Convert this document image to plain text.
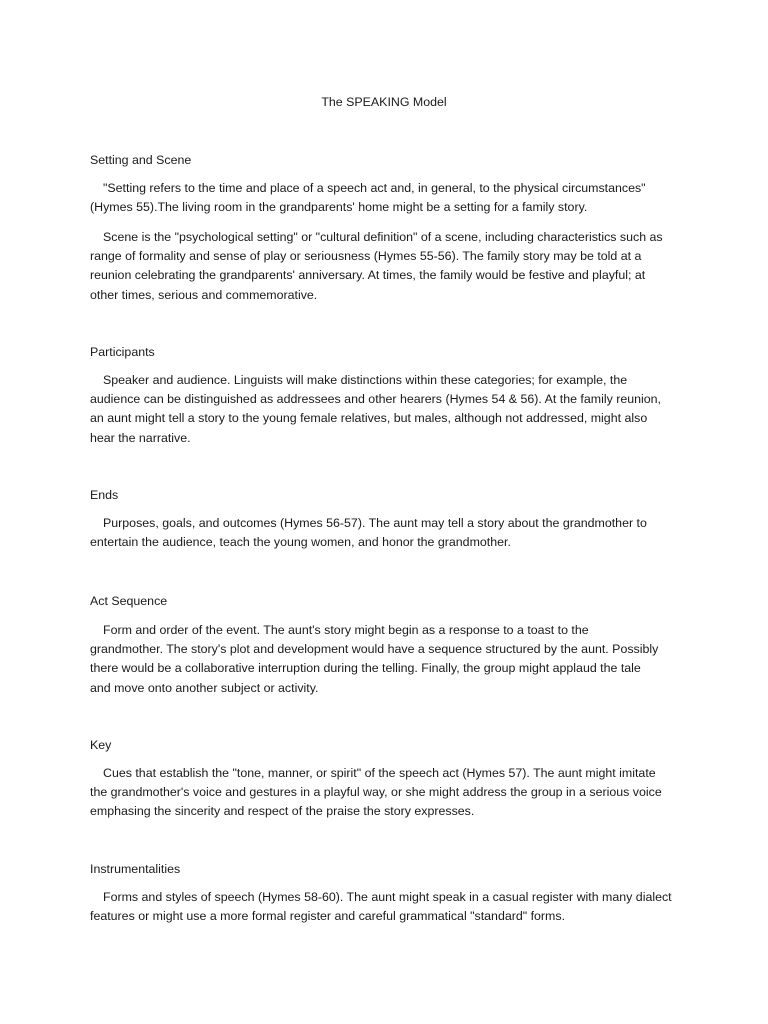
The SPEAKING Model
Setting and Scene
"Setting refers to the time and place of a speech act and, in general, to the physical circumstances"
(Hymes 55).The living room in the grandparents' home might be a setting for a family story.
Scene is the "psychological setting" or "cultural definition" of a scene, including characteristics such as
range of formality and sense of play or seriousness (Hymes 55-56). The family story may be told at a
reunion celebrating the grandparents' anniversary. At times, the family would be festive and playful; at
other times, serious and commemorative.
Participants
Speaker and audience. Linguists will make distinctions within these categories; for example, the
audience can be distinguished as addressees and other hearers (Hymes 54 & 56). At the family reunion,
an aunt might tell a story to the young female relatives, but males, although not addressed, might also
hear the narrative.
Ends
Purposes, goals, and outcomes (Hymes 56-57). The aunt may tell a story about the grandmother to
entertain the audience, teach the young women, and honor the grandmother.
Act Sequence
Form and order of the event. The aunt's story might begin as a response to a toast to the
grandmother. The story's plot and development would have a sequence structured by the aunt. Possibly
there would be a collaborative interruption during the telling. Finally, the group might applaud the tale
and move onto another subject or activity.
Key
Cues that establish the "tone, manner, or spirit" of the speech act (Hymes 57). The aunt might imitate
the grandmother's voice and gestures in a playful way, or she might address the group in a serious voice
emphasing the sincerity and respect of the praise the story expresses.
Instrumentalities
Forms and styles of speech (Hymes 58-60). The aunt might speak in a casual register with many dialect
features or might use a more formal register and careful grammatical "standard" forms.
